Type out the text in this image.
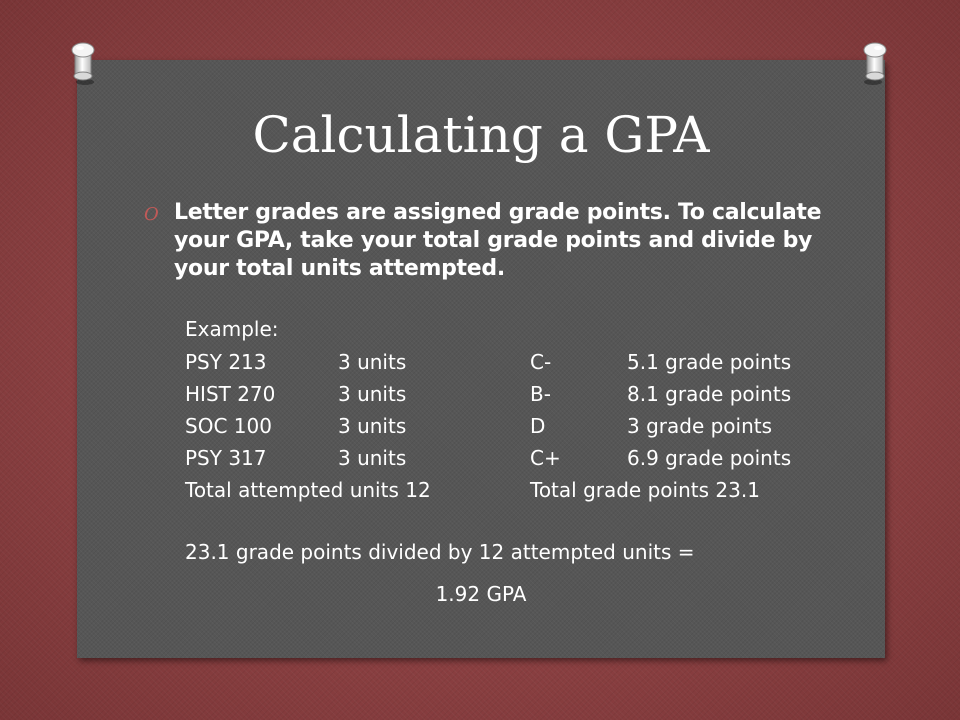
Calculating a GPA
O Letter grades are assigned grade points. To calculate your GPA, take your total grade points and divide by your total units attempted.
Example:
PSY 213	3 units	C-	5.1 grade points
HIST 270	3 units	B-	8.1 grade points
SOC 100	3 units	D	3 grade points
PSY 317	3 units	C+	6.9 grade points
Total attempted units 12	Total grade points 23.1
23.1 grade points divided by 12 attempted units =
1.92 GPA
